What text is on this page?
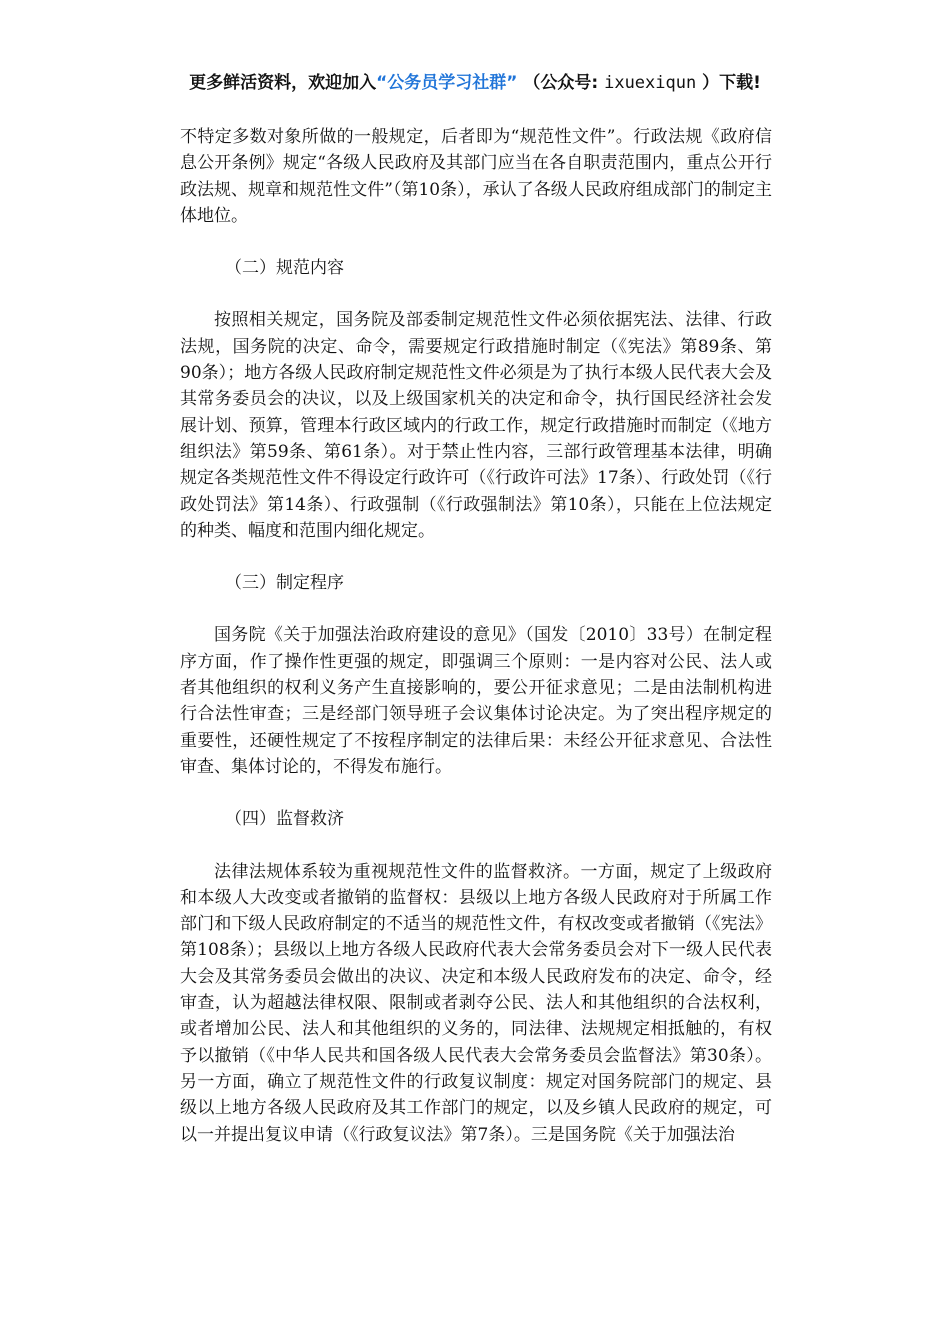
更多鲜活资料，欢迎加入“公务员学习社群” （公众号: ixuexiqun ）下载!

不特定多数对象所做的一般规定，后者即为“规范性文件”。行政法规《政府信息公开条例》规定“各级人民政府及其部门应当在各自职责范围内，重点公开行政法规、规章和规范性文件”（第10条），承认了各级人民政府组成部门的制定主体地位。

（二）规范内容

按照相关规定，国务院及部委制定规范性文件必须依据宪法、法律、行政法规，国务院的决定、命令，需要规定行政措施时制定（《宪法》第89条、第90条）；地方各级人民政府制定规范性文件必须是为了执行本级人民代表大会及其常务委员会的决议，以及上级国家机关的决定和命令，执行国民经济社会发展计划、预算，管理本行政区域内的行政工作，规定行政措施时而制定（《地方组织法》第59条、第61条）。对于禁止性内容，三部行政管理基本法律，明确规定各类规范性文件不得设定行政许可（《行政许可法》17条）、行政处罚（《行政处罚法》第14条）、行政强制（《行政强制法》第10条），只能在上位法规定的种类、幅度和范围内细化规定。

（三）制定程序

国务院《关于加强法治政府建设的意见》（国发〔2010〕33号）在制定程序方面，作了操作性更强的规定，即强调三个原则：一是内容对公民、法人或者其他组织的权利义务产生直接影响的，要公开征求意见；二是由法制机构进行合法性审查；三是经部门领导班子会议集体讨论决定。为了突出程序规定的重要性，还硬性规定了不按程序制定的法律后果：未经公开征求意见、合法性审查、集体讨论的，不得发布施行。

（四）监督救济

法律法规体系较为重视规范性文件的监督救济。一方面，规定了上级政府和本级人大改变或者撤销的监督权：县级以上地方各级人民政府对于所属工作部门和下级人民政府制定的不适当的规范性文件，有权改变或者撤销（《宪法》第108条）；县级以上地方各级人民政府代表大会常务委员会对下一级人民代表大会及其常务委员会做出的决议、决定和本级人民政府发布的决定、命令，经审查，认为超越法律权限、限制或者剥夺公民、法人和其他组织的合法权利，或者增加公民、法人和其他组织的义务的，同法律、法规规定相抵触的，有权予以撤销（《中华人民共和国各级人民代表大会常务委员会监督法》第30条）。另一方面，确立了规范性文件的行政复议制度：规定对国务院部门的规定、县级以上地方各级人民政府及其工作部门的规定，以及乡镇人民政府的规定，可以一并提出复议申请（《行政复议法》第7条）。三是国务院《关于加强法治
